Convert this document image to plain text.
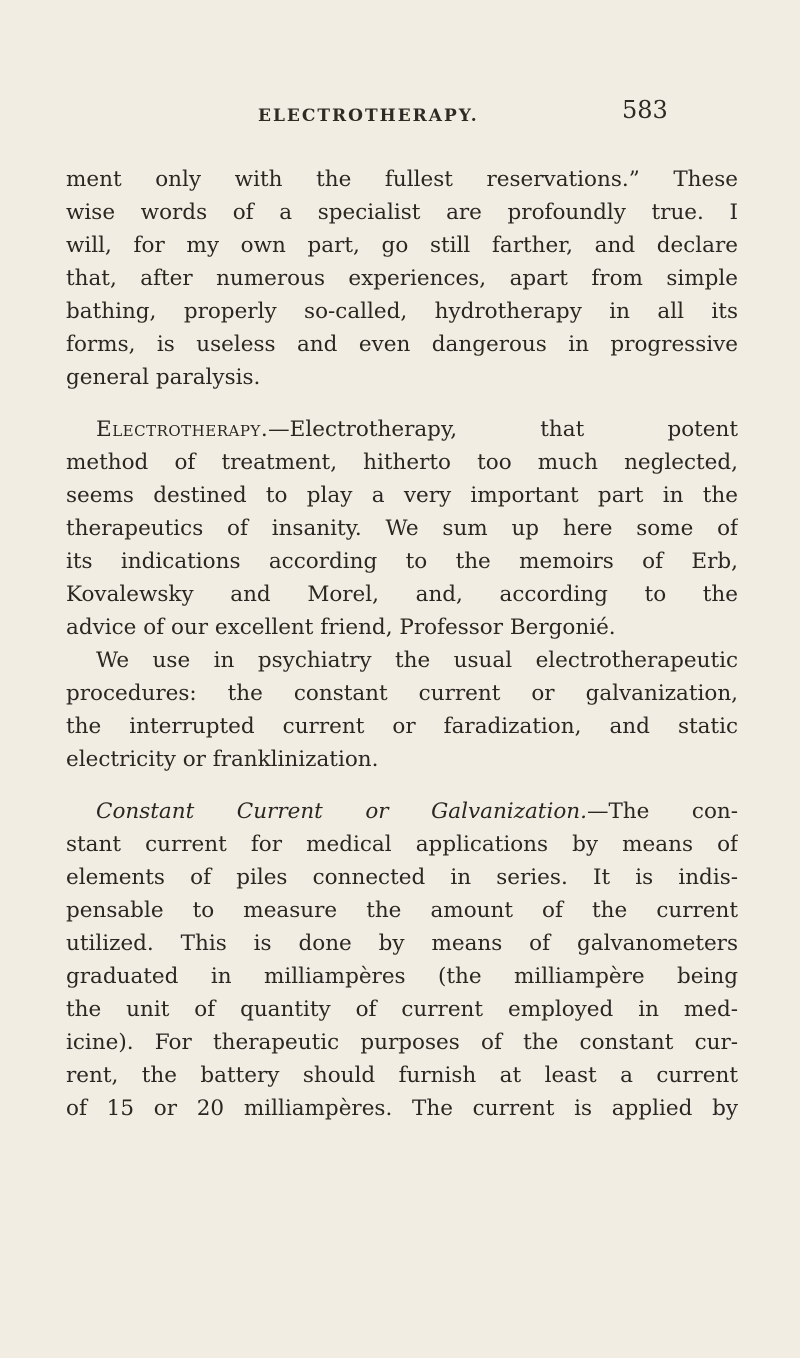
ELECTROTHERAPY.	583
ment only with the fullest reservations.” These
wise words of a specialist are profoundly true. I
will, for my own part, go still farther, and declare
that, after numerous experiences, apart from simple
bathing, properly so-called, hydrotherapy in all its
forms, is useless and even dangerous in progressive
general paralysis.
Electrotherapy.—Electrotherapy, that potent
method of treatment, hitherto too much neglected,
seems destined to play a very important part in the
therapeutics of insanity. We sum up here some of
its indications according to the memoirs of Erb,
Kovalewsky and Morel, and, according to the
advice of our excellent friend, Professor Bergonié.
We use in psychiatry the usual electrotherapeutic
procedures: the constant current or galvanization,
the interrupted current or faradization, and static
electricity or franklinization.
Constant Current or Galvanization.—The con-
stant current for medical applications by means of
elements of piles connected in series. It is indis-
pensable to measure the amount of the current
utilized. This is done by means of galvanometers
graduated in milliampères (the milliampère being
the unit of quantity of current employed in med-
icine). For therapeutic purposes of the constant cur-
rent, the battery should furnish at least a current
of 15 or 20 milliampères. The current is applied by
